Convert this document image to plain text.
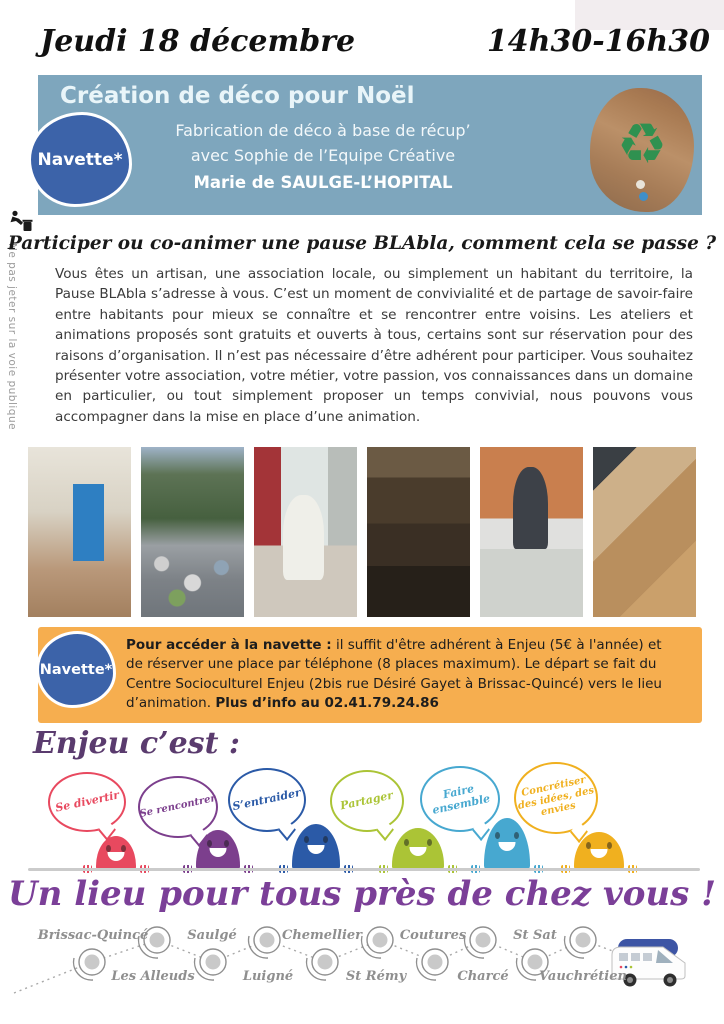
Jeudi 18 décembre	14h30-16h30
Création de déco pour Noël
Fabrication de déco à base de récup’
avec Sophie de l’Equipe Créative
Marie de SAULGE-L’HOPITAL
♻
Navette*
Ne pas jeter sur la voie publique
Participer ou co-animer une pause BLAbla, comment cela se passe ?

Vous êtes un artisan, une association locale, ou simplement un habitant du territoire, la Pause BLAbla s’adresse à vous. C’est un moment de convivialité et de partage de savoir-faire entre habitants pour mieux se connaître et se rencontrer entre voisins. Les ateliers et animations proposés sont gratuits et ouverts à tous, certains sont sur réservation pour des raisons d’organisation. Il n’est pas nécessaire d’être adhérent pour participer. Vous souhaitez présenter votre association, votre métier, votre passion, vos connaissances dans un domaine en particulier, ou tout simplement proposer un temps convivial, nous pouvons vous accompagner dans la mise en place d’une animation.

Pour accéder à la navette : il suffit d'être adhérent à Enjeu (5€ à l'année) et de réserver une place par téléphone (8 places maximum). Le départ se fait du Centre Socioculturel Enjeu (2bis rue Désiré Gayet à Brissac-Quincé) vers le lieu d’animation. Plus d’info au 02.41.79.24.86

Navette*
Enjeu c’est :
Se divertir Se rencontrer S’entraider	Partager	Faire ensemble
Concrétiser des idées, des envies
Un lieu pour tous près de chez vous !
Brissac-Quincé	Saulgé	Chemellier	Coutures	St Sat
Les Alleuds	Luigné	St Rémy	Charcé Vauchrétien
